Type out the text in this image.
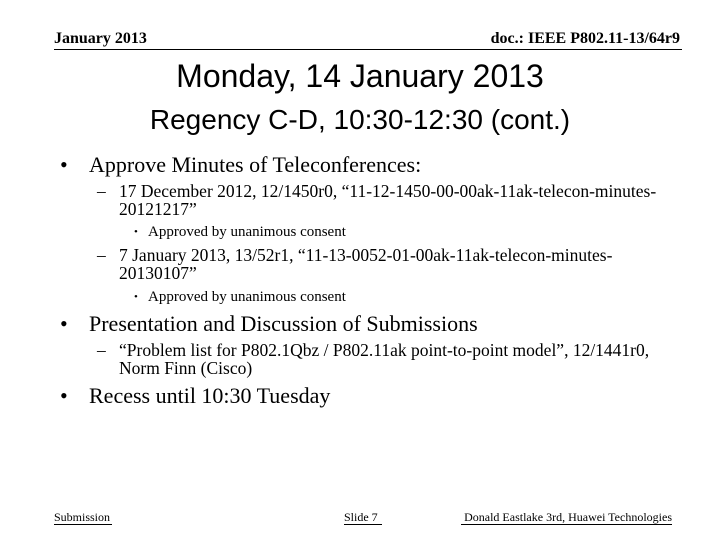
January 2013	doc.: IEEE P802.11-13/64r9
Monday, 14 January 2013
Regency C-D, 10:30-12:30 (cont.)
• Approve Minutes of Teleconferences:
– 17 December 2012, 12/1450r0, “11-12-1450-00-00ak-11ak-telecon-minutes-20121217”
• Approved by unanimous consent
– 7 January 2013, 13/52r1, “11-13-0052-01-00ak-11ak-telecon-minutes-20130107”
• Approved by unanimous consent
• Presentation and Discussion of Submissions
– “Problem list for P802.1Qbz / P802.11ak point-to-point model”, 12/1441r0, Norm Finn (Cisco)
• Recess until 10:30 Tuesday
Submission	Slide 7	Donald Eastlake 3rd, Huawei Technologies
